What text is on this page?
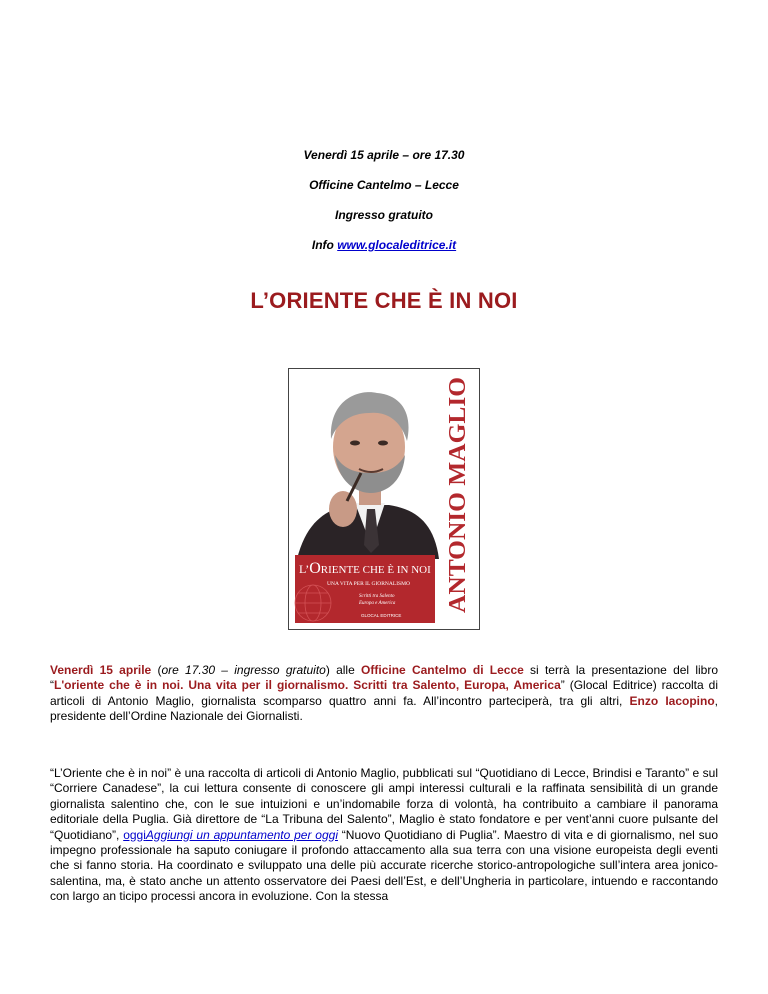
Venerdì 15 aprile – ore 17.30

Officine Cantelmo – Lecce

Ingresso gratuito

Info www.glocaleditrice.it

L’ORIENTE CHE È IN NOI
ANTONIO MAGLIO
L’ORIENTE CHE È IN NOI
UNA VITA PER IL GIORNALISMO
Scritti tra Salento
Europa e America
GLOCAL EDITRICE

Venerdì 15 aprile (ore 17.30 – ingresso gratuito) alle Officine Cantelmo di Lecce si terrà la presentazione del libro “L'oriente che è in noi. Una vita per il giornalismo. Scritti tra Salento, Europa, America” (Glocal Editrice) raccolta di articoli di Antonio Maglio, giornalista scomparso quattro anni fa. All’incontro parteciperà, tra gli altri, Enzo Iacopino, presidente dell’Ordine Nazionale dei Giornalisti.

“L’Oriente che è in noi” è una raccolta di articoli di Antonio Maglio, pubblicati sul “Quotidiano di Lecce, Brindisi e Taranto” e sul “Corriere Canadese”, la cui lettura consente di conoscere gli ampi interessi culturali e la raffinata sensibilità di un grande giornalista salentino che, con le sue intuizioni e un’indomabile forza di volontà, ha contribuito a cambiare il panorama editoriale della Puglia. Già direttore de “La Tribuna del Salento”, Maglio è stato fondatore e per vent’anni cuore pulsante del “Quotidiano”, oggiAggiungi un appuntamento per oggi “Nuovo Quotidiano di Puglia”. Maestro di vita e di giornalismo, nel suo impegno professionale ha saputo coniugare il profondo attaccamento alla sua terra con una visione europeista degli eventi che si fanno storia. Ha coordinato e sviluppato una delle più accurate ricerche storico-antropologiche sull’intera area jonico-salentina, ma, è stato anche un attento osservatore dei Paesi dell’Est, e dell’Ungheria in particolare, intuendo e raccontando con largo an ticipo processi ancora in evoluzione. Con la stessa
